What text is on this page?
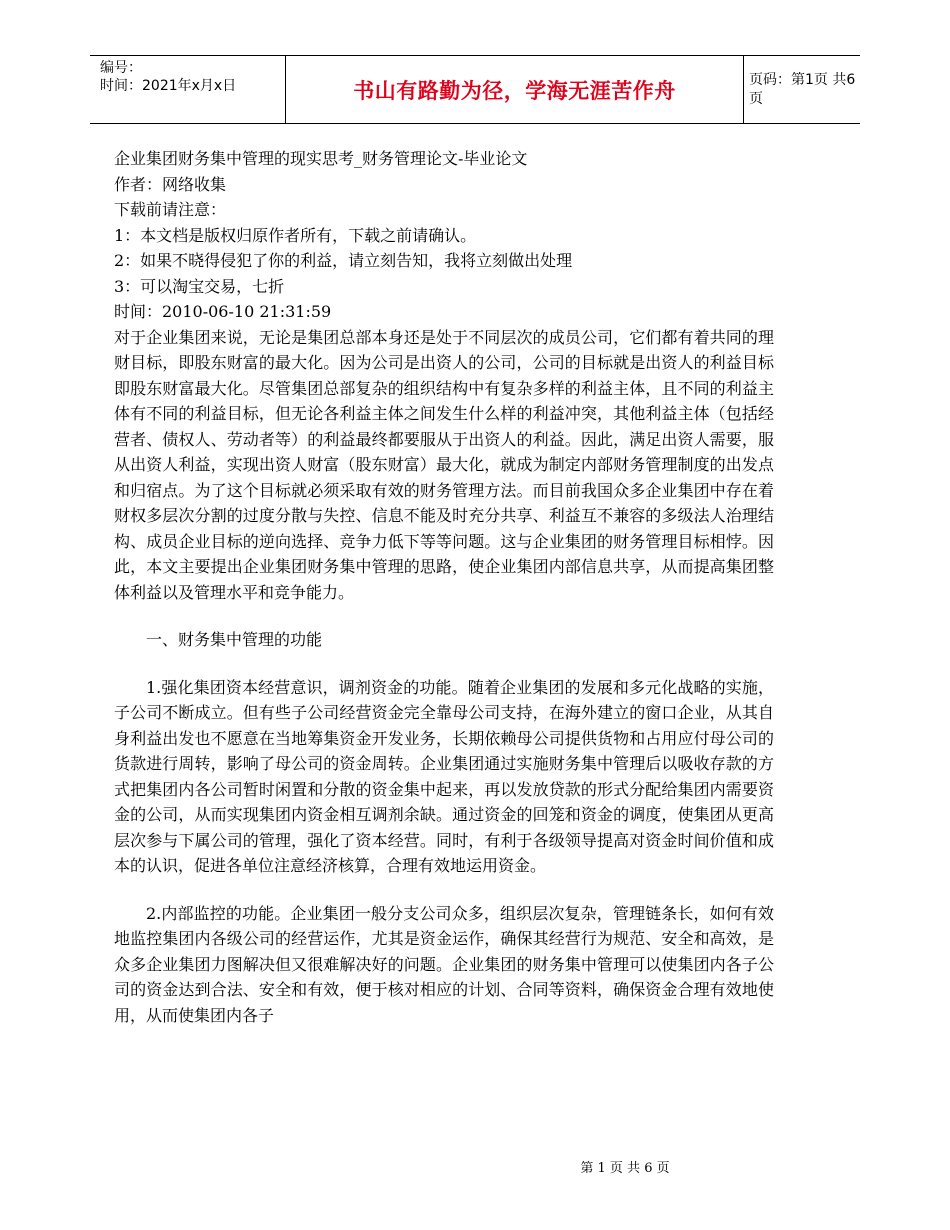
编号：
时间：2021年x月x日	书山有路勤为径，学海无涯苦作舟	页码：第1页 共6页
企业集团财务集中管理的现实思考_财务管理论文-毕业论文
作者：网络收集
下载前请注意：
1：本文档是版权归原作者所有，下载之前请确认。
2：如果不晓得侵犯了你的利益，请立刻告知，我将立刻做出处理
3：可以淘宝交易，七折
时间：2010-06-10 21:31:59
对于企业集团来说，无论是集团总部本身还是处于不同层次的成员公司，它们都有着共同的理财目标，即股东财富的最大化。因为公司是出资人的公司，公司的目标就是出资人的利益目标即股东财富最大化。尽管集团总部复杂的组织结构中有复杂多样的利益主体，且不同的利益主体有不同的利益目标，但无论各利益主体之间发生什么样的利益冲突，其他利益主体（包括经营者、债权人、劳动者等）的利益最终都要服从于出资人的利益。因此，满足出资人需要，服从出资人利益，实现出资人财富（股东财富）最大化，就成为制定内部财务管理制度的出发点和归宿点。为了这个目标就必须采取有效的财务管理方法。而目前我国众多企业集团中存在着财权多层次分割的过度分散与失控、信息不能及时充分共享、利益互不兼容的多级法人治理结构、成员企业目标的逆向选择、竞争力低下等等问题。这与企业集团的财务管理目标相悖。因此，本文主要提出企业集团财务集中管理的思路，使企业集团内部信息共享，从而提高集团整体利益以及管理水平和竞争能力。
一、财务集中管理的功能
1.强化集团资本经营意识，调剂资金的功能。随着企业集团的发展和多元化战略的实施，子公司不断成立。但有些子公司经营资金完全靠母公司支持，在海外建立的窗口企业，从其自身利益出发也不愿意在当地筹集资金开发业务，长期依赖母公司提供货物和占用应付母公司的货款进行周转，影响了母公司的资金周转。企业集团通过实施财务集中管理后以吸收存款的方式把集团内各公司暂时闲置和分散的资金集中起来，再以发放贷款的形式分配给集团内需要资金的公司，从而实现集团内资金相互调剂余缺。通过资金的回笼和资金的调度，使集团从更高层次参与下属公司的管理，强化了资本经营。同时，有利于各级领导提高对资金时间价值和成本的认识，促进各单位注意经济核算，合理有效地运用资金。
2.内部监控的功能。企业集团一般分支公司众多，组织层次复杂，管理链条长，如何有效地监控集团内各级公司的经营运作，尤其是资金运作，确保其经营行为规范、安全和高效，是众多企业集团力图解决但又很难解决好的问题。企业集团的财务集中管理可以使集团内各子公司的资金达到合法、安全和有效，便于核对相应的计划、合同等资料，确保资金合理有效地使用，从而使集团内各子
第 1 页 共 6 页
